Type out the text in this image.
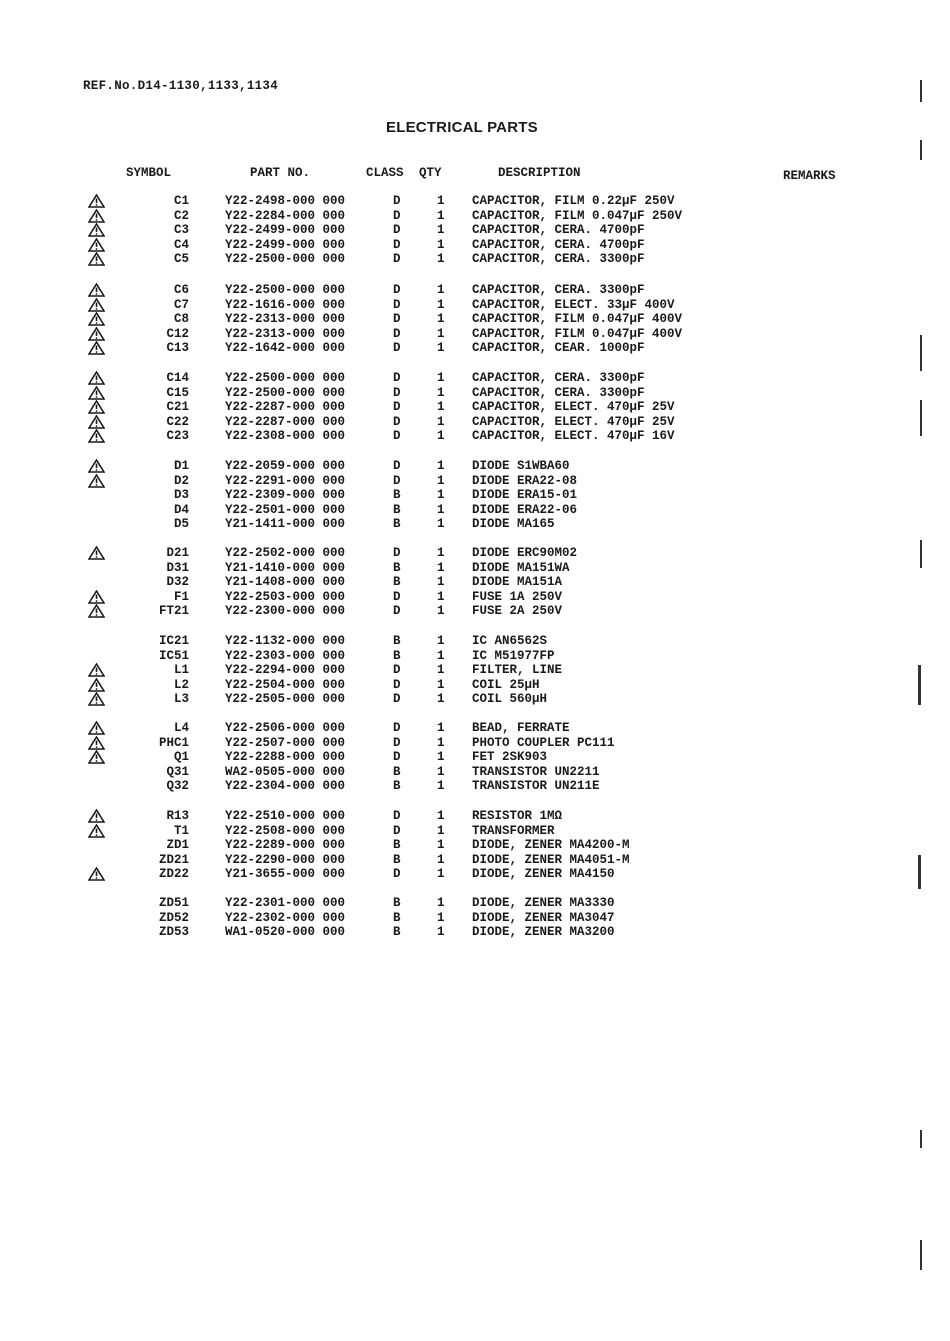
REF.No.D14-1130,1133,1134
ELECTRICAL PARTS
SYMBOL	PART NO.	CLASS QTY	DESCRIPTION	REMARKS
C1	Y22-2498-000 000	D	1 CAPACITOR, FILM 0.22µF 250V
C2	Y22-2284-000 000	D	1 CAPACITOR, FILM 0.047µF 250V
C3	Y22-2499-000 000	D	1 CAPACITOR, CERA. 4700pF
C4	Y22-2499-000 000	D	1 CAPACITOR, CERA. 4700pF
C5	Y22-2500-000 000	D	1 CAPACITOR, CERA. 3300pF
C6	Y22-2500-000 000	D	1 CAPACITOR, CERA. 3300pF
C7	Y22-1616-000 000	D	1 CAPACITOR, ELECT. 33µF 400V
C8	Y22-2313-000 000	D	1 CAPACITOR, FILM 0.047µF 400V
C12	Y22-2313-000 000	D	1 CAPACITOR, FILM 0.047µF 400V
C13	Y22-1642-000 000	D	1 CAPACITOR, CEAR. 1000pF
C14	Y22-2500-000 000	D	1 CAPACITOR, CERA. 3300pF
C15	Y22-2500-000 000	D	1 CAPACITOR, CERA. 3300pF
C21	Y22-2287-000 000	D	1 CAPACITOR, ELECT. 470µF 25V
C22	Y22-2287-000 000	D	1 CAPACITOR, ELECT. 470µF 25V
C23	Y22-2308-000 000	D	1 CAPACITOR, ELECT. 470µF 16V
D1	Y22-2059-000 000	D	1 DIODE S1WBA60
D2	Y22-2291-000 000	D	1 DIODE ERA22-08
D3	Y22-2309-000 000	B	1 DIODE ERA15-01
D4	Y22-2501-000 000	B	1 DIODE ERA22-06
D5	Y21-1411-000 000	B	1 DIODE MA165
D21	Y22-2502-000 000	D	1 DIODE ERC90M02
D31	Y21-1410-000 000	B	1 DIODE MA151WA
D32	Y21-1408-000 000	B	1 DIODE MA151A
F1	Y22-2503-000 000	D	1 FUSE 1A 250V
FT21	Y22-2300-000 000	D	1 FUSE 2A 250V
IC21	Y22-1132-000 000	B	1 IC AN6562S
IC51	Y22-2303-000 000	B	1 IC M51977FP
L1	Y22-2294-000 000	D	1 FILTER, LINE
L2	Y22-2504-000 000	D	1 COIL 25µH
L3	Y22-2505-000 000	D	1 COIL 560µH
L4	Y22-2506-000 000	D	1 BEAD, FERRATE
PHC1	Y22-2507-000 000	D	1 PHOTO COUPLER PC111
Q1	Y22-2288-000 000	D	1 FET 2SK903
Q31	WA2-0505-000 000	B	1 TRANSISTOR UN2211
Q32	Y22-2304-000 000	B	1 TRANSISTOR UN211E
R13	Y22-2510-000 000	D	1 RESISTOR 1MΩ
T1	Y22-2508-000 000	D	1 TRANSFORMER
ZD1	Y22-2289-000 000	B	1 DIODE, ZENER MA4200-M
ZD21	Y22-2290-000 000	B	1 DIODE, ZENER MA4051-M
ZD22	Y21-3655-000 000	D	1 DIODE, ZENER MA4150
ZD51	Y22-2301-000 000	B	1 DIODE, ZENER MA3330
ZD52	Y22-2302-000 000	B	1 DIODE, ZENER MA3047
ZD53	WA1-0520-000 000	B	1 DIODE, ZENER MA3200
